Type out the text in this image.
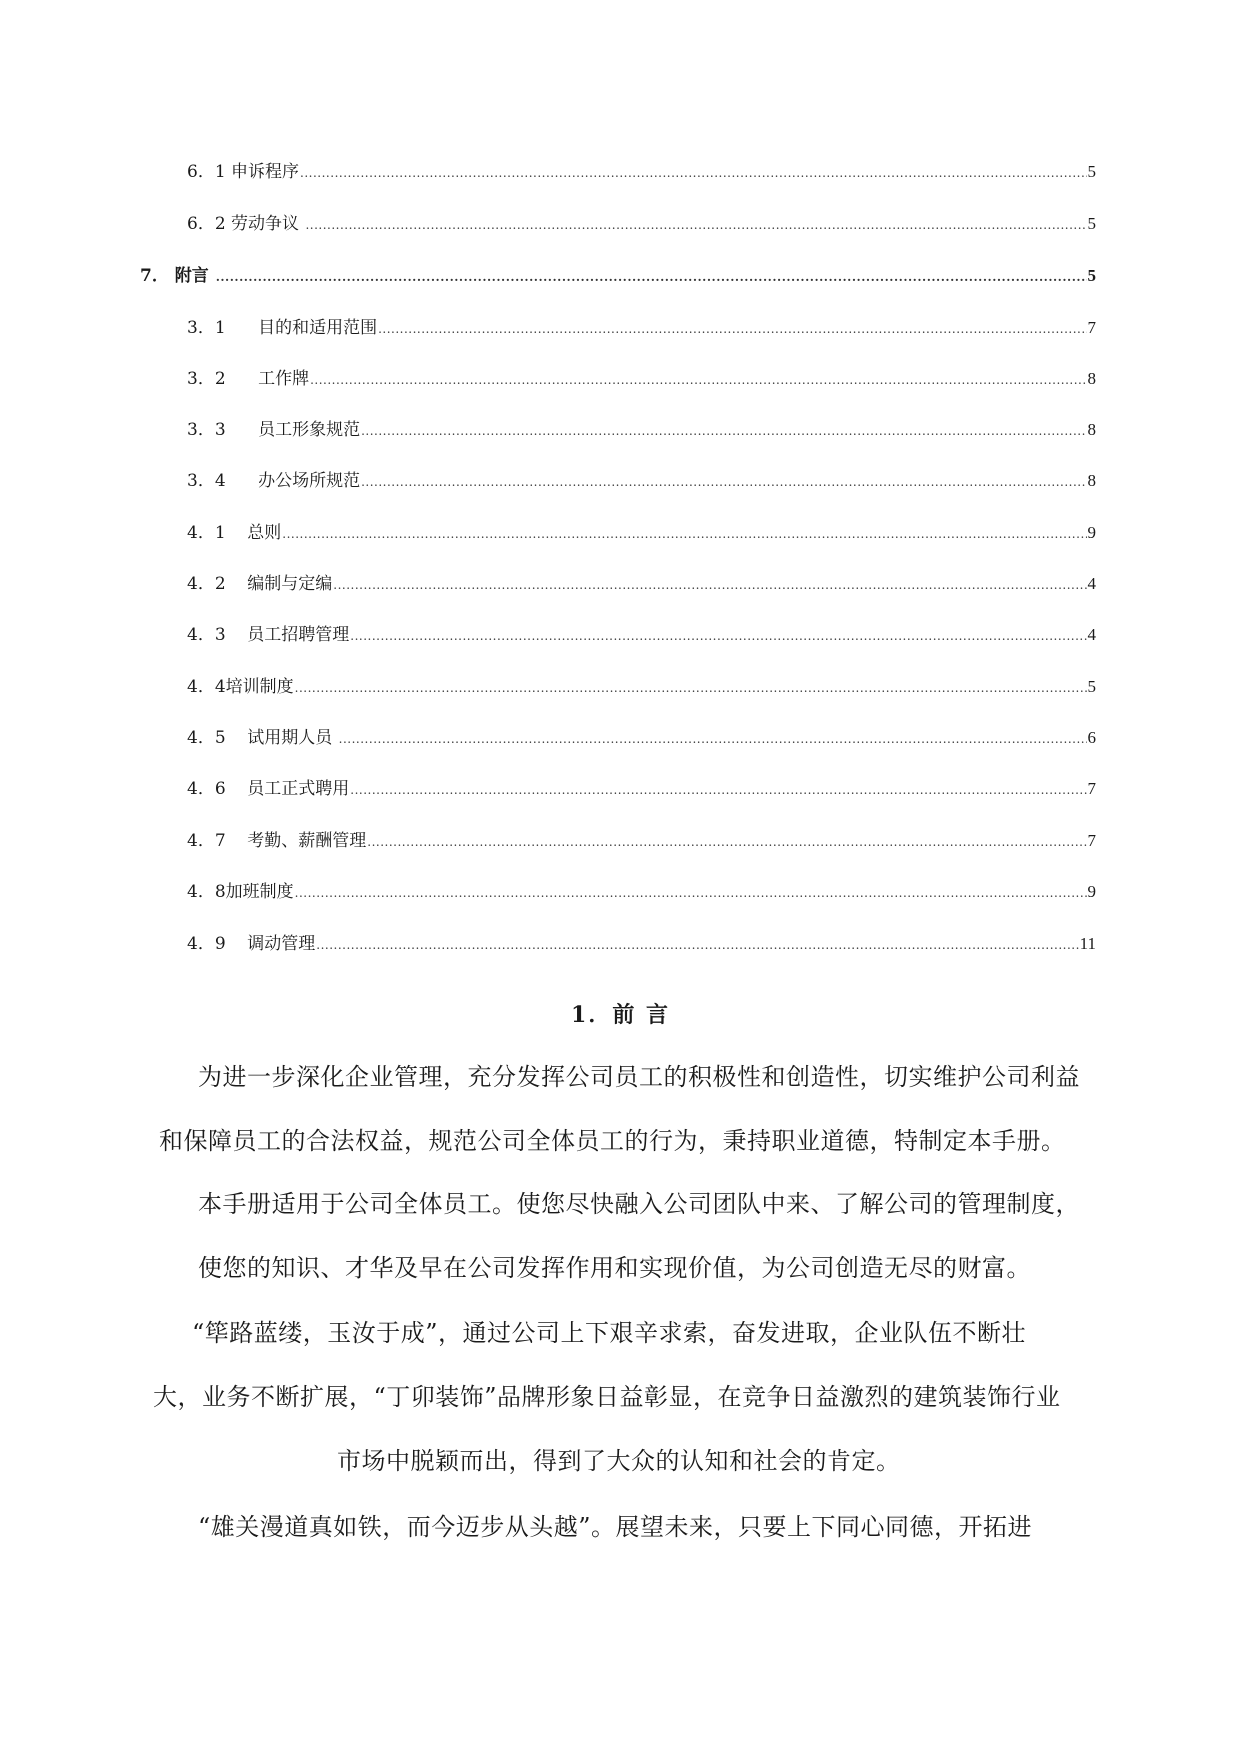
6．1 申诉程序 .....	5
6．2 劳动争议 .....	5
7． 附言 .....	5
3．1 目的和适用范围 .....	7
3．2 工作牌 .....	8
3．3 员工形象规范 .....	8
3．4 办公场所规范 .....	8
4．1 总则 .....	9
4．2 编制与定编 .....	4
4．3 员工招聘管理 .....	4
4．4 培训制度 .....	5
4．5 试用期人员 .....	6
4．6 员工正式聘用 .....	7
4．7 考勤、薪酬管理 .....	7
4．8 加班制度 .....	9
4．9 调动管理 .....	11
1．前 言
为进一步深化企业管理，充分发挥公司员工的积极性和创造性，切实维护公司利益
和保障员工的合法权益，规范公司全体员工的行为，秉持职业道德，特制定本手册。
本手册适用于公司全体员工。使您尽快融入公司团队中来、了解公司的管理制度，
使您的知识、才华及早在公司发挥作用和实现价值，为公司创造无尽的财富。
“筚路蓝缕，玉汝于成”，通过公司上下艰辛求索，奋发进取，企业队伍不断壮
大，业务不断扩展，“丁卯装饰”品牌形象日益彰显，在竞争日益激烈的建筑装饰行业
市场中脱颖而出，得到了大众的认知和社会的肯定。
“雄关漫道真如铁，而今迈步从头越”。展望未来，只要上下同心同德，开拓进
